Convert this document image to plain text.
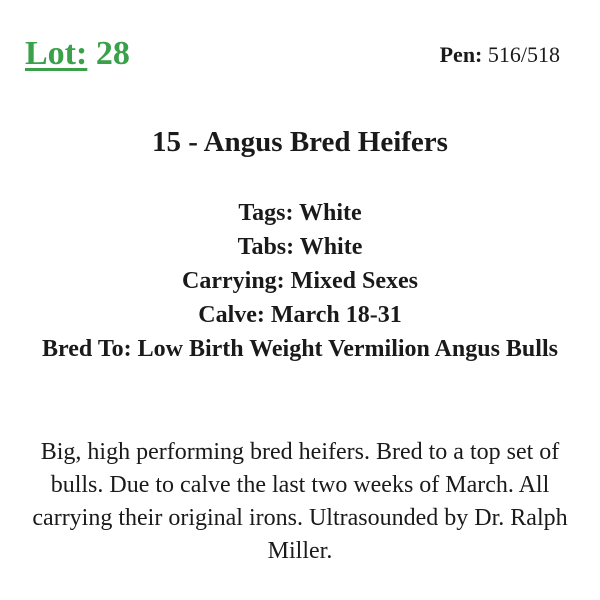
Lot: 28	Pen: 516/518
15 - Angus Bred Heifers
Tags: White
Tabs: White
Carrying: Mixed Sexes
Calve: March 18-31
Bred To: Low Birth Weight Vermilion Angus Bulls
Big, high performing bred heifers. Bred to a top set of bulls. Due to calve the last two weeks of March. All carrying their original irons. Ultrasounded by Dr. Ralph Miller.
